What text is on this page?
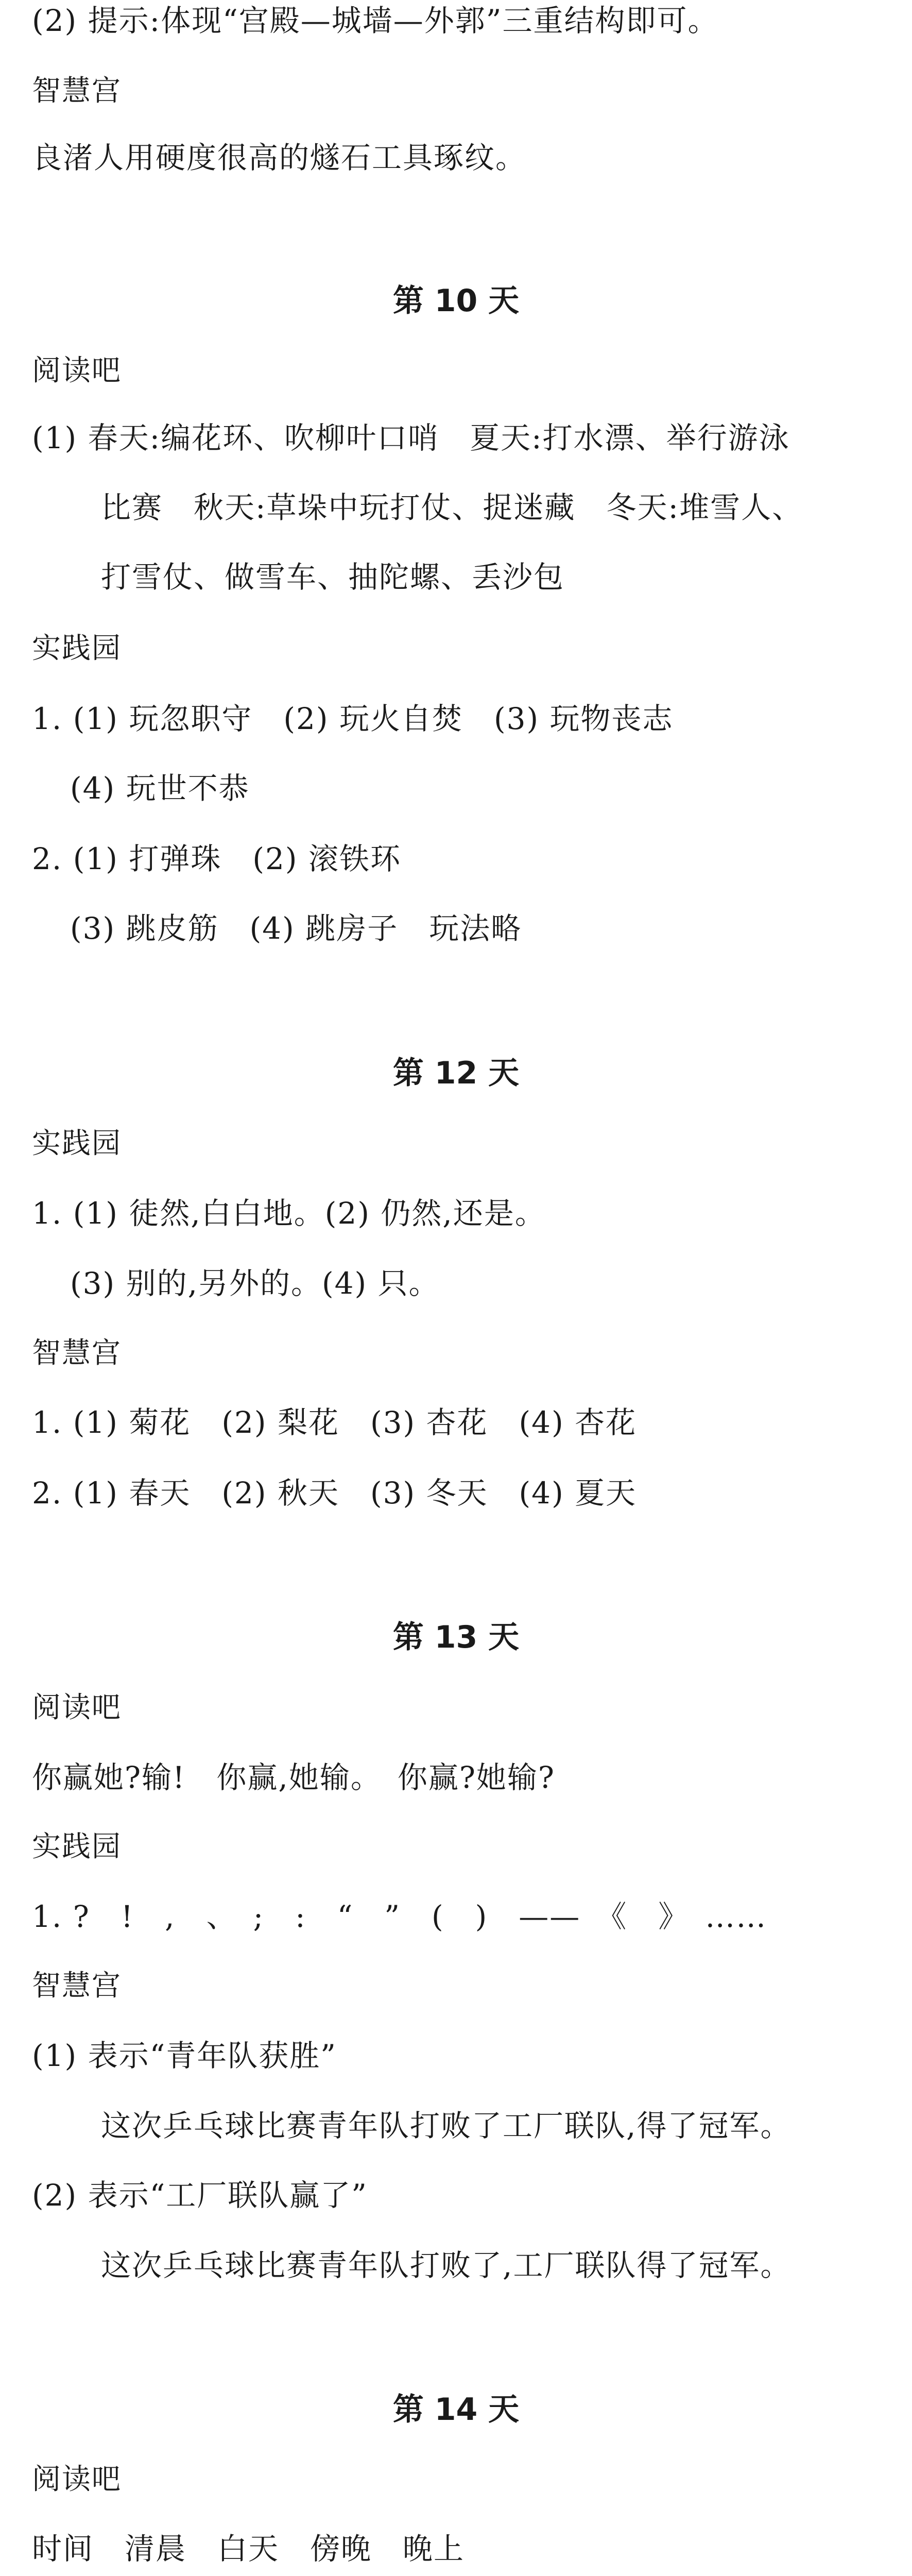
(2) 提示:体现“宫殿—城墙—外郭”三重结构即可。
智慧宫
良渚人用硬度很高的燧石工具琢纹。
第 10 天
阅读吧
(1) 春天:编花环、吹柳叶口哨　夏天:打水漂、举行游泳
比赛　秋天:草垛中玩打仗、捉迷藏　冬天:堆雪人、
打雪仗、做雪车、抽陀螺、丢沙包
实践园
1. (1) 玩忽职守　(2) 玩火自焚　(3) 玩物丧志
(4) 玩世不恭
2. (1) 打弹珠　(2) 滚铁环
(3) 跳皮筋　(4) 跳房子　玩法略
第 12 天
实践园
1. (1) 徒然,白白地。(2) 仍然,还是。
(3) 别的,另外的。(4) 只。
智慧宫
1. (1) 菊花　(2) 梨花　(3) 杏花　(4) 杏花
2. (1) 春天　(2) 秋天　(3) 冬天　(4) 夏天
第 13 天
阅读吧
你赢她?输!　你赢,她输。　你赢?她输?
实践园
1. ?　!　,　、　;　:　“　”　(　)　——　《　》　……
智慧宫
(1) 表示“青年队获胜”
这次乒乓球比赛青年队打败了工厂联队,得了冠军。
(2) 表示“工厂联队赢了”
这次乒乓球比赛青年队打败了,工厂联队得了冠军。
第 14 天
阅读吧
时间　清晨　白天　傍晚　晚上
